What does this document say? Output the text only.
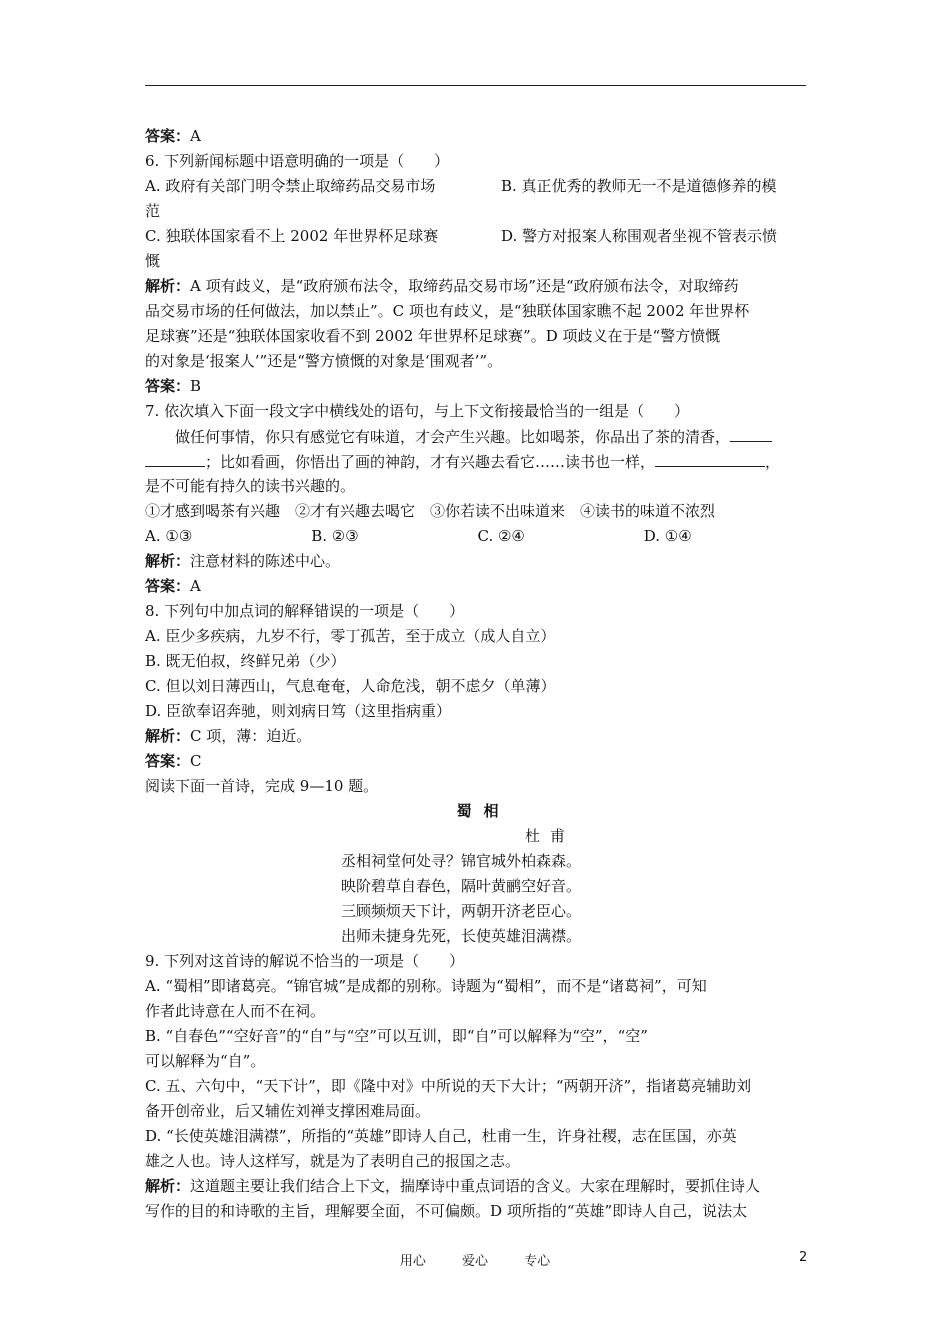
答案：A
6. 下列新闻标题中语意明确的一项是（　　）
A. 政府有关部门明令禁止取缔药品交易市场	B. 真正优秀的教师无一不是道德修养的模
范
C. 独联体国家看不上 2002 年世界杯足球赛	D. 警方对报案人称围观者坐视不管表示愤
慨
解析：A 项有歧义，是“政府颁布法令，取缔药品交易市场”还是“政府颁布法令，对取缔药
品交易市场的任何做法，加以禁止”。C 项也有歧义，是“独联体国家瞧不起 2002 年世界杯
足球赛”还是“独联体国家收看不到 2002 年世界杯足球赛”。D 项歧义在于是“警方愤慨
的对象是‘报案人’”还是“警方愤慨的对象是‘围观者’”。
答案：B
7. 依次填入下面一段文字中横线处的语句，与上下文衔接最恰当的一组是（　　）
做任何事情，你只有感觉它有味道，才会产生兴趣。比如喝茶，你品出了茶的清香，
；比如看画，你悟出了画的神韵，才有兴趣去看它……读书也一样，	，
是不可能有持久的读书兴趣的。
①才感到喝茶有兴趣　②才有兴趣去喝它　③你若读不出味道来　④读书的味道不浓烈
A. ①③	B. ②③	C. ②④	D. ①④
解析：注意材料的陈述中心。
答案：A
8. 下列句中加点词的解释错误的一项是（　　）
A. 臣少多疾病，九岁不行，零丁孤苦，至于成立（成人自立）
B. 既无伯叔，终鲜兄弟（少）
C. 但以刘日薄西山，气息奄奄，人命危浅，朝不虑夕（单薄）
D. 臣欲奉诏奔驰，则刘病日笃（这里指病重）
解析：C 项，薄：迫近。
答案：C
阅读下面一首诗，完成 9—10 题。
蜀相
杜甫
丞相祠堂何处寻？锦官城外柏森森。
映阶碧草自春色，隔叶黄鹂空好音。
三顾频烦天下计，两朝开济老臣心。
出师未捷身先死，长使英雄泪满襟。
9. 下列对这首诗的解说不恰当的一项是（　　）
A. “蜀相”即诸葛亮。“锦官城”是成都的别称。诗题为“蜀相”，而不是“诸葛祠”，可知
作者此诗意在人而不在祠。
B. “自春色”“空好音”的“自”与“空”可以互训，即“自”可以解释为“空”，“空”
可以解释为“自”。
C. 五、六句中，“天下计”，即《隆中对》中所说的天下大计；“两朝开济”，指诸葛亮辅助刘
备开创帝业，后又辅佐刘禅支撑困难局面。
D. “长使英雄泪满襟”，所指的“英雄”即诗人自己，杜甫一生，许身社稷，志在匡国，亦英
雄之人也。诗人这样写，就是为了表明自己的报国之志。
解析：这道题主要让我们结合上下文，揣摩诗中重点词语的含义。大家在理解时，要抓住诗人
写作的目的和诗歌的主旨，理解要全面，不可偏颇。D 项所指的“英雄”即诗人自己，说法太
用心 爱心 专心	2
